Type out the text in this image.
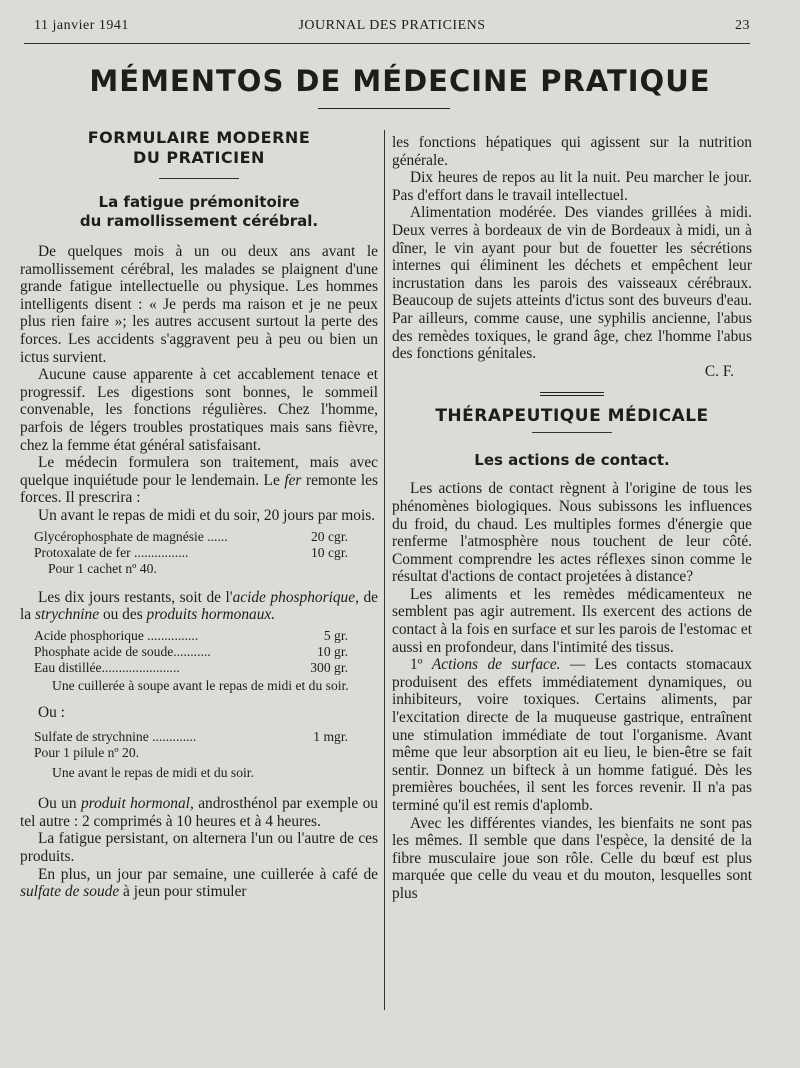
11 janvier 1941	JOURNAL DES PRATICIENS	23
MÉMENTOS DE MÉDECINE PRATIQUE
FORMULAIRE MODERNE
DU PRATICIEN
La fatigue prémonitoire
du ramollissement cérébral.

De quelques mois à un ou deux ans avant le ramollissement cérébral, les malades se plaignent d'une grande fatigue intellectuelle ou physique. Les hommes intelligents disent : « Je perds ma raison et je ne peux plus rien faire »; les autres accusent surtout la perte des forces. Les accidents s'aggravent peu à peu ou bien un ictus survient.

Aucune cause apparente à cet accablement tenace et progressif. Les digestions sont bonnes, le sommeil convenable, les fonctions régulières. Chez l'homme, parfois de légers troubles prostatiques mais sans fièvre, chez la femme état général satisfaisant.

Le médecin formulera son traitement, mais avec quelque inquiétude pour le lendemain. Le fer remonte les forces. Il prescrira :

Un avant le repas de midi et du soir, 20 jours par mois.

Glycérophosphate de magnésie ......	20 cgr.
Protoxalate de fer ................	10 cgr.
Pour 1 cachet nº 40.

Les dix jours restants, soit de l'acide phosphorique, de la strychnine ou des produits hormonaux.

Acide phosphorique ...............	5 gr.
Phosphate acide de soude...........	10 gr.
Eau distillée.......................	300 gr.

Une cuillerée à soupe avant le repas de midi et du soir.

Ou :

Sulfate de strychnine .............	1 mgr.
Pour 1 pilule nº 20.

Une avant le repas de midi et du soir.

Ou un produit hormonal, androsthénol par exemple ou tel autre : 2 comprimés à 10 heures et à 4 heures.

La fatigue persistant, on alternera l'un ou l'autre de ces produits.

En plus, un jour par semaine, une cuillerée à café de sulfate de soude à jeun pour stimuler

les fonctions hépatiques qui agissent sur la nutrition générale.

Dix heures de repos au lit la nuit. Peu marcher le jour. Pas d'effort dans le travail intellectuel.

Alimentation modérée. Des viandes grillées à midi. Deux verres à bordeaux de vin de Bordeaux à midi, un à dîner, le vin ayant pour but de fouetter les sécrétions internes qui éliminent les déchets et empêchent leur incrustation dans les parois des vaisseaux cérébraux. Beaucoup de sujets atteints d'ictus sont des buveurs d'eau. Par ailleurs, comme cause, une syphilis ancienne, l'abus des remèdes toxiques, le grand âge, chez l'homme l'abus des fonctions génitales.

C. F.
THÉRAPEUTIQUE MÉDICALE
Les actions de contact.

Les actions de contact règnent à l'origine de tous les phénomènes biologiques. Nous subissons les influences du froid, du chaud. Les multiples formes d'énergie que renferme l'atmosphère nous touchent de leur côté. Comment comprendre les actes réflexes sinon comme le résultat d'actions de contact projetées à distance?

Les aliments et les remèdes médicamenteux ne semblent pas agir autrement. Ils exercent des actions de contact à la fois en surface et sur les parois de l'estomac et aussi en profondeur, dans l'intimité des tissus.

1º Actions de surface. — Les contacts stomacaux produisent des effets immédiatement dynamiques, ou inhibiteurs, voire toxiques. Certains aliments, par l'excitation directe de la muqueuse gastrique, entraînent une stimulation immédiate de tout l'organisme. Avant même que leur absorption ait eu lieu, le bien-être se fait sentir. Donnez un bifteck à un homme fatigué. Dès les premières bouchées, il sent les forces revenir. Il n'a pas terminé qu'il est remis d'aplomb.

Avec les différentes viandes, les bienfaits ne sont pas les mêmes. Il semble que dans l'espèce, la densité de la fibre musculaire joue son rôle. Celle du bœuf est plus marquée que celle du veau et du mouton, lesquelles sont plus
